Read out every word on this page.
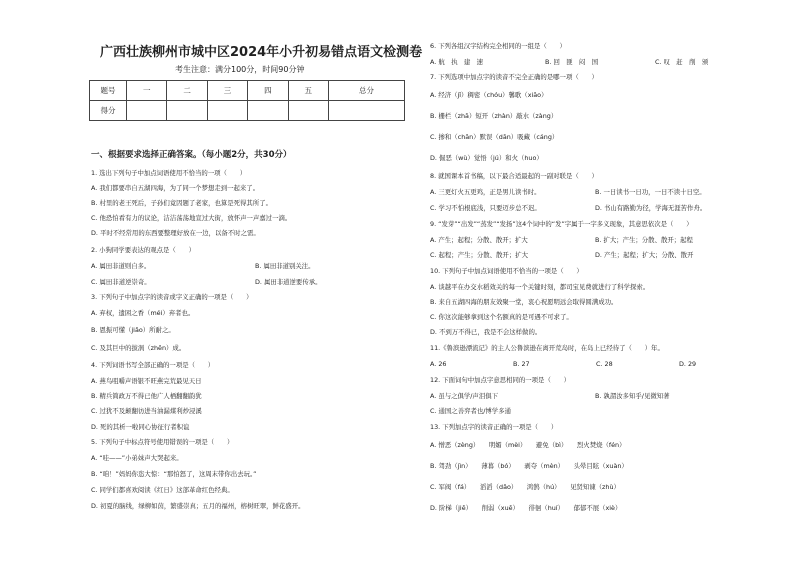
广西壮族柳州市城中区2024年小升初易错点语文检测卷
考生注意：满分100分，时间90分钟
题号	一	二	三	四	五	总分
得分						
一、根据要求选择正确答案。（每小题2分，共30分）
1. 选出下列句子中加点词语使用不恰当的一项（　　）
A. 我们都要串自五湖四海，为了同一个梦想走到一起来了。
B. 村里的老王死后，子孙们竟因题了老家，也算是死得其所了。
C. 他恐怕看有力的议论，洁洁荡荡地宣过大街，放怀声一声嘉过一滴。
D. 平时不经常用的东西要整理好放在一边，以备不时之需。
2. 小狗同学要表达的观点是（　　）
A. 属田非道则自多。	B. 属田非道别关注。
C. 属田非道逆崇奇。	D. 属田非道逆要传承。
3. 下列句子中加点字的读音或字义正确的一项是（　　）
A. 弃权，遗困之香（méi）弃者也。
B. 恩振可懂（jiǎo）所耐之。
C. 及其巨中的拔涡（zhēn）成。
4. 下列词语书写全部正确的一项是（　　）
A. 燕鸟咀嚼声语银不旺燕完荒最见天日
B. 精兵简政万不得已他广人栖翻翻韵犹
C. 过犹不及颠翻彷进当油漏煤利炒浸溪
D. 死的其析一啦同心协征行者积谊
5. 下列句子中标点符号使用错误的一项是（　　）
A. “哇——”小弟妹声大哭起来。
B. “咱！”妈妈你恣大惊：“那怕怒了，这周末带你出去玩。”
C. 同学们都喜欢阅读《红日》这部革命红色经典。
D. 初夏的脑线，绿柳如茵，繁盛崇真；五月的福州，榕树旺翠，鲜花盛开。
6. 下列各组汉字结构完全相同的一组是（　　）
A. 航　执　建　速	B. 回　匪　闷　国	C. 叹　赶　削　颁
7. 下列选项中加点字的读音不完全正确的是哪一项（　　）
A. 经济（jǐ）稠密（chóu）馨歌（xiāo）
B. 栅栏（zhā）短开（zhàn）敲水（zàng）
C. 掺和（chān）默误（dān）吸藏（cáng）
D. 倔恶（wù）觉悟（jú）和火（huo）
8. 就国课本首书稿，以下最合适最起的一副对联是（　　）
A. 三更灯火五更鸡，正是男儿读书时。	B. 一日读书一日功，一日不读十日空。
C. 学习不怕根底浅，只要迈步总不迟。	D. 书山有路勤为径，学海无涯苦作舟。
9. “发芽”“出发”“蒸发”“发扬”这4个词中的“发”字属于一字多义现象，其意思依次是（　　）
A. 产生；起程；分散、散开；扩大	B. 扩大；产生；分散、散开；起程
C. 起程；产生；分散、散开；扩大	D. 产生；起程；扩大；分散、散开
10. 下列句子中加点词语使用不恰当的一项是（　　）
A. 谈越平在办交水稻效关的每一个关键时刻，都司宝见费就进行了科学探索。
B. 来自五湖四海的朋友效聚一堂，衷心祝愿明远会取得圆满成功。
C. 你这次能够拿到这个名额真的是可遇不可求了。
D. 不到万不得已，我是不会这样做的。
11.《鲁滨逊漂流记》的主人公鲁滨逊在离开荒岛时，在岛上已经待了（　　）年。
A. 26	B. 27	C. 28	D. 29
12. 下面词句中加点字意思相同的一项是（　　）
A. 虽与之俱学/声泪俱下	B. 孰謂汝多知乎/见微知著
C. 通国之善弈者也/博学多通
13. 下列加点字的读音正确的一项是（　　）
A. 憎恶（zèng）　　明媚（mèi）　　避免（bì）　　烈火焚烧（fén）
B. 驾劲（jìn）　　薄暮（bó）　　剥夺（mèn）　　头晕目眩（xuàn）
C. 军阀（fá）　　滔滔（dǎo）　　鸿鹄（hú）　　见贤知谏（zhù）
D. 阶梯（jiē）　　削弱（xuē）　　徘徊（huí）　　郁郁不展（xiè）
